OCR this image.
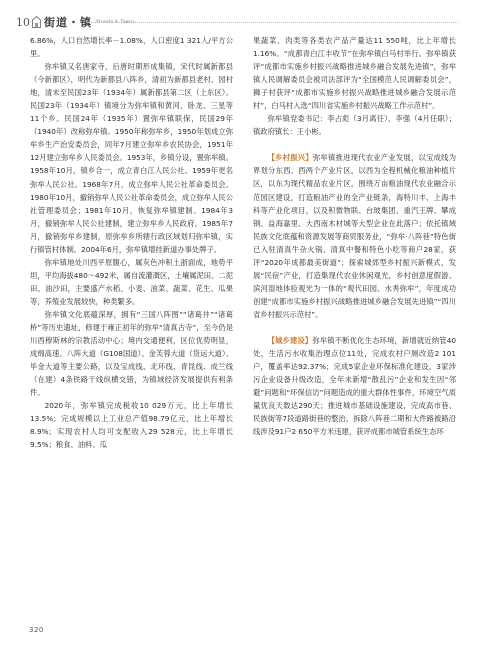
10 街道・镇 Streets & Towns

6.86%，人口自然增长率－1.08%，人口密度1 321人/平方公里。

弥牟镇又名唐家寺，后唐时期形成集镇，宋代时属新都县（今新都区），明代为新都县八阵乡，清初为新都县老村、园村地，清末至民国23年（1934年）属新都县第二区（上东区）。民国23年（1934年）镇境分为弥牟镇和黄河、卧龙、三星等11个乡。民国24年（1935年）置弥牟镇联保，民国29年（1940年）改称弥牟镇。1950年称弥牟乡，1950年划成立弥牟乡生产治安委员会，同年7月建立弥牟乡农民协会，1951年12月建立弥牟乡人民委员会。1953年，乡镇分设，置弥牟镇。1958年10月，镇乡合一，成立青白江人民公社。1959年更名弥牟人民公社。1968年7月，成立弥牟人民公社革命委员会。1980年10月，撤销弥牟人民公社革命委员会，成立弥牟人民公社管理委员会；1981年10月，恢复弥牟镇建制。1984年3月，撤销弥牟人民公社建制，建立弥牟乡人民政府。1985年7月，撤销弥牟乡建制，原弥牟乡所辖行政区域划归弥牟镇，实行镇管村体制。2004年6月，弥牟镇增挂新道办事处牌子。

弥牟镇地处川西平原腹心，属灰色冲积土浙面成，地势平坦，平均海拔480～492米，属自流灌溉区，土壤属泥田、二泥田、油沙田，主要盛产水稻、小麦、油菜、蔬菜、花生、瓜果等，养殖业发展较快，种类繁多。

弥牟镇文化底蕴深厚，拥有“三国八阵图”“诸葛井”“诸葛桥”等历史遗址，修建于雍正初年的弥牟“清真古寺”，至今仍是川西穆斯林的宗教活动中心；境内交通便利，区位优势明显，成绵高速、八阵大道（G108国道）、金芙蓉大道（货运大道）、毕金大道等主要公路，以及宝成线、北环线、青昆线、成兰线（在建）4条铁路干线纵横交错，为镇域经济发展提供有利条件。

2020年，弥牟镇完成税收10 029万元，比上年增长13.5%；完成规模以上工业总产值98.79亿元，比上年增长8.9%；实现农村人均可支配收入29 528元，比上年增长9.5%；粮食、油料、瓜

果蔬菜、肉类等各类农产品产量达11 550吨，比上年增长1.16%。“成都青白江丰收节”在弥牟镇白马村举行。弥牟镇获评“成都市实施乡村振兴战略推进城乡融合发展先进镇”，弥牟镇人民调解委员会被司法部评为“全国模范人民调解委员会”，狮子村获评“成都市实施乡村振兴战略推进城乡融合发展示范村”，白马村入选“四川省实施乡村振兴战略工作示范村”。

弥牟镇党委书记：李占彪（3月离任），李强（4月任职）；镇政府镇长：王小彬。

【乡村振兴】弥牟镇推进现代农业产业发展，以宝成线为界划分东西、西两个产业片区，以西为全程机械化粮油种植片区，以东为现代精品农业片区，围绕万亩粮油现代农业融合示范园区建设，打造粮油产业的全产业链条，海特川丰、上海丰科等产业化项目，以及积微物联、台玻集团、重汽王牌、攀成钢、益海嘉里、大西南木材城等大型企业在此落户；依托镇域民族文化底蕴和资源发展等商贸服务业，“弥牟·八阵巷”特色街已入驻清真牛杂火锅、清真中餐和特色小吃等商户28家，获评“2020年成都最美街道”；探索城郊型乡村振兴新模式，发展“民宿”产业，打造集现代农业休闲观光，乡村创意度假游、滨河湿地体验观光为一体的“观代田园、水秀弥牟”，年度成功创建“成都市实施乡村振兴战略推进城乡融合发展先进镇”“四川省乡村振兴示范村”。

【城乡建设】弥牟镇不断优化生态环境，新增就近纳管40处，生活污水收集治理点位11处，完成农村户厕改造2 101户，覆盖率达92.37%；完成5家企业环保标准化建设，3家涉污企业设备升级改造，全年未新增“散乱污”企业和发生因“邻避”问题和“环保信访”问题造成的重大群体性事件，环境空气质量优良天数达290天；推进城市基础设施建设，完成高市巷、民族街等7段道路街巷的整治，拆除八阵巷二期和大件路被路沿线涉及91户2 650平方米违建，获评成都市城管系统生态环

320
